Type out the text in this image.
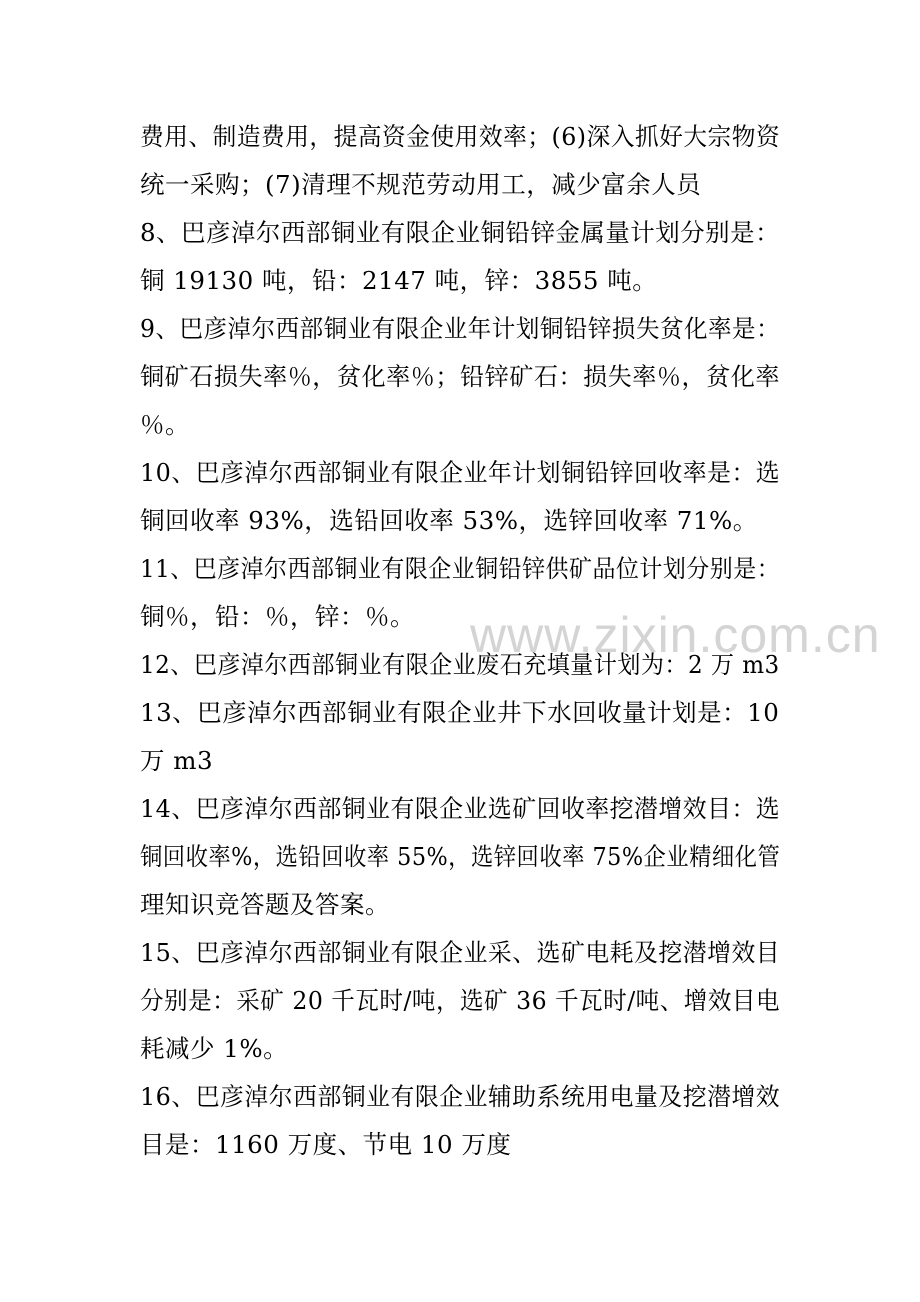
费用、制造费用，提高资金使用效率；(6)深入抓好大宗物资
统一采购；(7)清理不规范劳动用工，减少富余人员
8、巴彦淖尔西部铜业有限企业铜铅锌金属量计划分别是：
铜 19130 吨，铅：2147 吨，锌：3855 吨。
9、巴彦淖尔西部铜业有限企业年计划铜铅锌损失贫化率是：
铜矿石损失率％，贫化率％；铅锌矿石：损失率％，贫化率
％。
10、巴彦淖尔西部铜业有限企业年计划铜铅锌回收率是：选
铜回收率 93%，选铅回收率 53%，选锌回收率 71%。
11、巴彦淖尔西部铜业有限企业铜铅锌供矿品位计划分别是：
铜％，铅：％，锌：％。
12、巴彦淖尔西部铜业有限企业废石充填量计划为：2 万 m3
13、巴彦淖尔西部铜业有限企业井下水回收量计划是：10
万 m3
14、巴彦淖尔西部铜业有限企业选矿回收率挖潜增效目：选
铜回收率%，选铅回收率 55%，选锌回收率 75%企业精细化管
理知识竞答题及答案。
15、巴彦淖尔西部铜业有限企业采、选矿电耗及挖潜增效目
分别是：采矿 20 千瓦时/吨，选矿 36 千瓦时/吨、增效目电
耗减少 1%。
16、巴彦淖尔西部铜业有限企业辅助系统用电量及挖潜增效
目是：1160 万度、节电 10 万度
www.zixin.com.cn
